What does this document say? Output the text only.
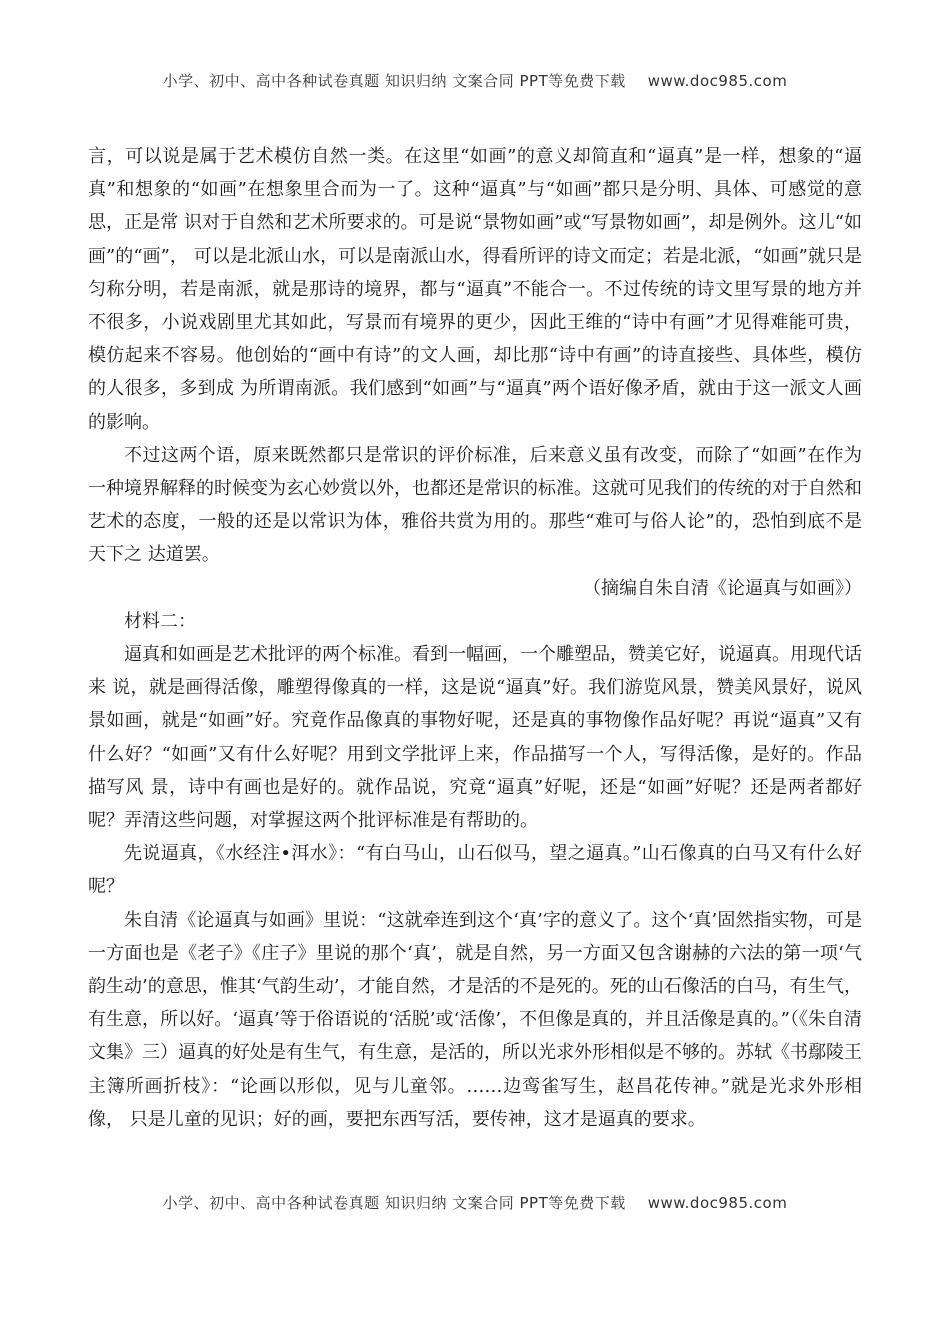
小学、初中、高中各种试卷真题 知识归纳 文案合同 PPT等免费下载 www.doc985.com

言，可以说是属于艺术模仿自然一类。在这里“如画”的意义却简直和“逼真”是一样，想象的“逼真”和想象的“如画”在想象里合而为一了。这种“逼真”与“如画”都只是分明、具体、可感觉的意思，正是常 识对于自然和艺术所要求的。可是说“景物如画”或“写景物如画”，却是例外。这儿“如画”的“画”， 可以是北派山水，可以是南派山水，得看所评的诗文而定；若是北派，“如画”就只是匀称分明，若是南派，就是那诗的境界，都与“逼真”不能合一。不过传统的诗文里写景的地方并不很多，小说戏剧里尤其如此，写景而有境界的更少，因此王维的“诗中有画”才见得难能可贵，模仿起来不容易。他创始的“画中有诗”的文人画，却比那“诗中有画”的诗直接些、具体些，模仿的人很多，多到成 为所谓南派。我们感到“如画”与“逼真”两个语好像矛盾，就由于这一派文人画的影响。

不过这两个语，原来既然都只是常识的评价标准，后来意义虽有改变，而除了“如画”在作为一种境界解释的时候变为玄心妙赏以外，也都还是常识的标准。这就可见我们的传统的对于自然和艺术的态度，一般的还是以常识为体，雅俗共赏为用的。那些“难可与俗人论”的，恐怕到底不是天下之 达道罢。

（摘编自朱自清《论逼真与如画》）

材料二：

逼真和如画是艺术批评的两个标准。看到一幅画，一个雕塑品，赞美它好，说逼真。用现代话来 说，就是画得活像，雕塑得像真的一样，这是说“逼真”好。我们游览风景，赞美风景好，说风景如画，就是“如画”好。究竟作品像真的事物好呢，还是真的事物像作品好呢？再说“逼真”又有什么好？“如画”又有什么好呢？用到文学批评上来，作品描写一个人，写得活像，是好的。作品描写风 景，诗中有画也是好的。就作品说，究竟“逼真”好呢，还是“如画”好呢？还是两者都好呢？弄清这些问题，对掌握这两个批评标准是有帮助的。

先说逼真，《水经注•洱水》：“有白马山，山石似马，望之逼真。”山石像真的白马又有什么好呢？

朱自清《论逼真与如画》里说：“这就牵连到这个‘真’字的意义了。这个‘真’固然指实物，可是一方面也是《老子》《庄子》里说的那个‘真’，就是自然，另一方面又包含谢赫的六法的第一项‘气韵生动’的意思，惟其‘气韵生动’，才能自然，才是活的不是死的。死的山石像活的白马，有生气， 有生意，所以好。‘逼真’等于俗语说的‘活脱’或‘活像’，不但像是真的，并且活像是真的。”（《朱自清文集》三）逼真的好处是有生气，有生意，是活的，所以光求外形相似是不够的。苏轼《书鄢陵王主簿所画折枝》：“论画以形似，见与儿童邻。……边鸾雀写生，赵昌花传神。”就是光求外形相像， 只是儿童的见识；好的画，要把东西写活，要传神，这才是逼真的要求。

小学、初中、高中各种试卷真题 知识归纳 文案合同 PPT等免费下载 www.doc985.com
